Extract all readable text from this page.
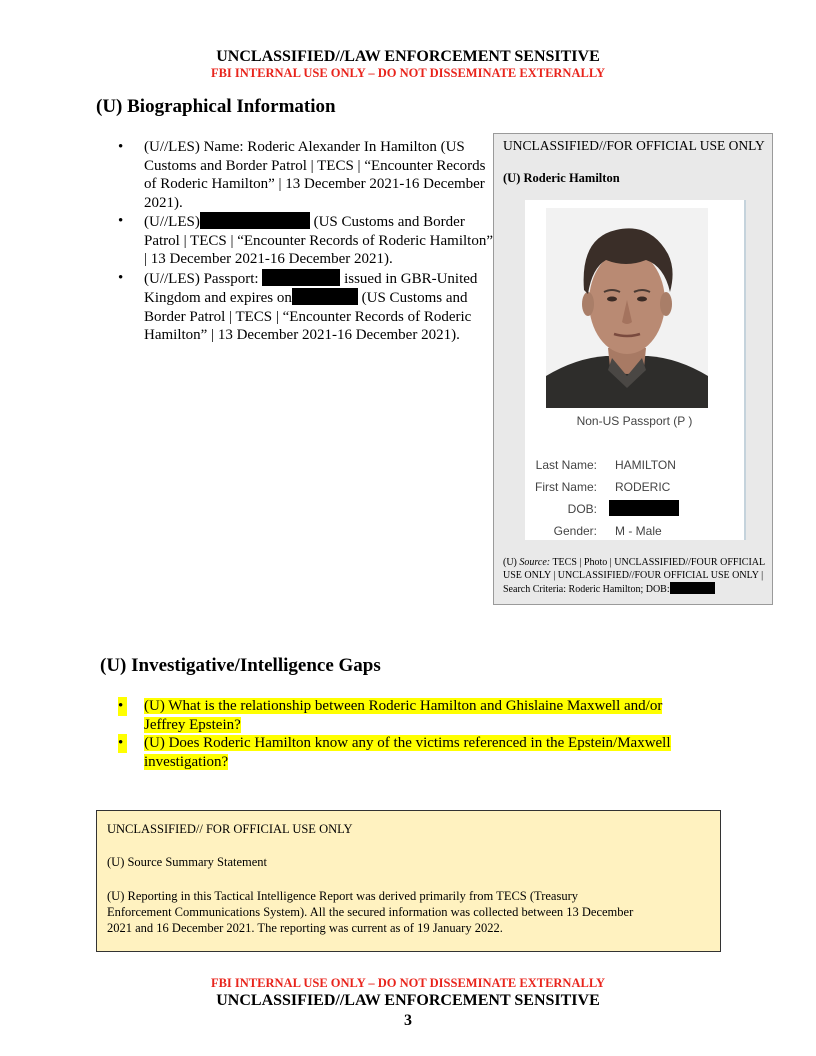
UNCLASSIFIED//LAW ENFORCEMENT SENSITIVE
FBI INTERNAL USE ONLY – DO NOT DISSEMINATE EXTERNALLY
(U) Biographical Information
• (U//LES) Name: Roderic Alexander In Hamilton (US Customs and Border Patrol | TECS | “Encounter Records of Roderic Hamilton” | 13 December 2021-16 December 2021).
• (U//LES)	(US Customs and Border Patrol | TECS | “Encounter Records of Roderic Hamilton” | 13 December 2021-16 December 2021).
• (U//LES) Passport:	issued in GBR-United Kingdom and expires on	(US Customs and Border Patrol | TECS | “Encounter Records of Roderic Hamilton” | 13 December 2021-16 December 2021).
UNCLASSIFIED//FOR OFFICIAL USE ONLY
(U) Roderic Hamilton
Non-US Passport (P )
Last Name: HAMILTON
First Name: RODERIC
DOB:
Gender: M - Male
(U) Source: TECS | Photo | UNCLASSIFIED//FOUR OFFICIAL USE ONLY | UNCLASSIFIED//FOUR OFFICIAL USE ONLY | Search Criteria: Roderic Hamilton; DOB:
(U) Investigative/Intelligence Gaps
• (U) What is the relationship between Roderic Hamilton and Ghislaine Maxwell and/or Jeffrey Epstein?
• (U) Does Roderic Hamilton know any of the victims referenced in the Epstein/Maxwell investigation?
UNCLASSIFIED// FOR OFFICIAL USE ONLY
(U) Source Summary Statement
(U) Reporting in this Tactical Intelligence Report was derived primarily from TECS (Treasury Enforcement Communications System). All the secured information was collected between 13 December 2021 and 16 December 2021. The reporting was current as of 19 January 2022.
FBI INTERNAL USE ONLY – DO NOT DISSEMINATE EXTERNALLY
UNCLASSIFIED//LAW ENFORCEMENT SENSITIVE
3
